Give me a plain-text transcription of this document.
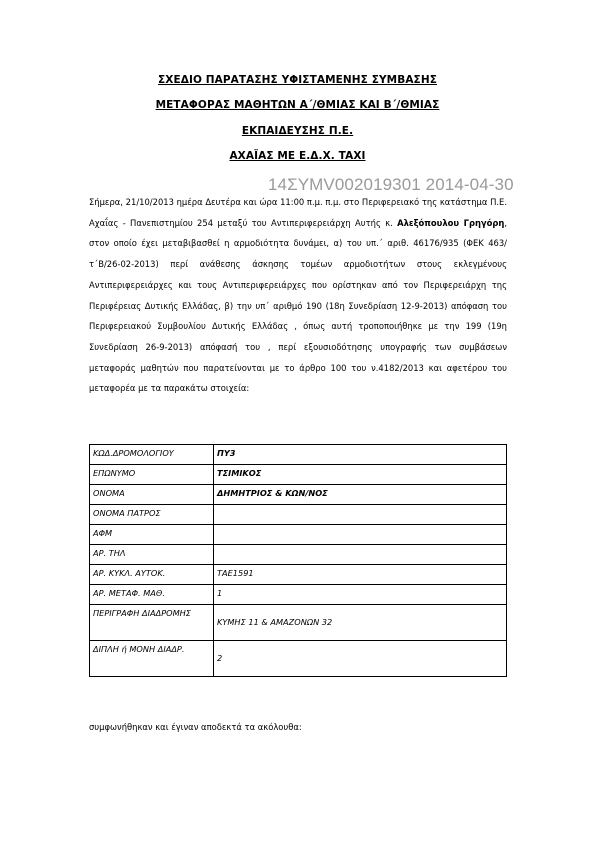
ΣΧΕΔΙΟ ΠΑΡΑΤΑΣΗΣ ΥΦΙΣΤΑΜΕΝΗΣ ΣΥΜΒΑΣΗΣ
ΜΕΤΑΦΟΡΑΣ ΜΑΘΗΤΩΝ Α΄/ΘΜΙΑΣ ΚΑΙ Β΄/ΘΜΙΑΣ
ΕΚΠΑΙΔΕΥΣΗΣ Π.Ε.
ΑΧΑΪΑΣ ΜΕ Ε.Δ.Χ. TAXI
14ΣΥΜV002019301 2014-04-30
Σήμερα, 21/10/2013 ημέρα Δευτέρα και ώρα 11:00 π.μ. π.μ. στο Περιφερειακό της κατάστημα Π.Ε. Αχαΐας - Πανεπιστημίου 254 μεταξύ του Αντιπεριφερειάρχη Αυτής κ. Αλεξόπουλου Γρηγόρη, στον οποίο έχει μεταβιβασθεί η αρμοδιότητα δυνάμει, α) του υπ.΄ αριθ. 46176/935 (ΦΕΚ 463/τ΄Β/26-02-2013) περί ανάθεσης άσκησης τομέων αρμοδιοτήτων στους εκλεγμένους Αντιπεριφερειάρχες και τους Αντιπεριφερειάρχες που ορίστηκαν από τον Περιφερειάρχη της Περιφέρειας Δυτικής Ελλάδας, β) την υπ΄ αριθμό 190 (18η Συνεδρίαση 12-9-2013) απόφαση του Περιφερειακού Συμβουλίου Δυτικής Ελλάδας , όπως αυτή τροποποιήθηκε με την 199 (19η Συνεδρίαση 26-9-2013) απόφασή του , περί εξουσιοδότησης υπογραφής των συμβάσεων μεταφοράς μαθητών που παρατείνονται με το άρθρο 100 του ν.4182/2013 και αφετέρου του μεταφορέα με τα παρακάτω στοιχεία:
ΚΩΔ.ΔΡΟΜΟΛΟΓΙΟΥ	ΠΥ3
ΕΠΩΝΥΜΟ	ΤΣΙΜΙΚΟΣ
ΟΝΟΜΑ	ΔΗΜΗΤΡΙΟΣ & ΚΩΝ/ΝΟΣ
ΟΝΟΜΑ ΠΑΤΡΟΣ	
ΑΦΜ	
ΑΡ. ΤΗΛ	
ΑΡ. ΚΥΚΛ. ΑΥΤΟΚ.	ΤΑΕ1591
ΑΡ. ΜΕΤΑΦ. ΜΑΘ.	1
ΠΕΡΙΓΡΑΦΗ ΔΙΑΔΡΟΜΗΣ	ΚΥΜΗΣ 11 & ΑΜΑΖΟΝΩΝ 32
ΔΙΠΛΗ ή ΜΟΝΗ ΔΙΑΔΡ.	2
συμφωνήθηκαν και έγιναν αποδεκτά τα ακόλουθα:
